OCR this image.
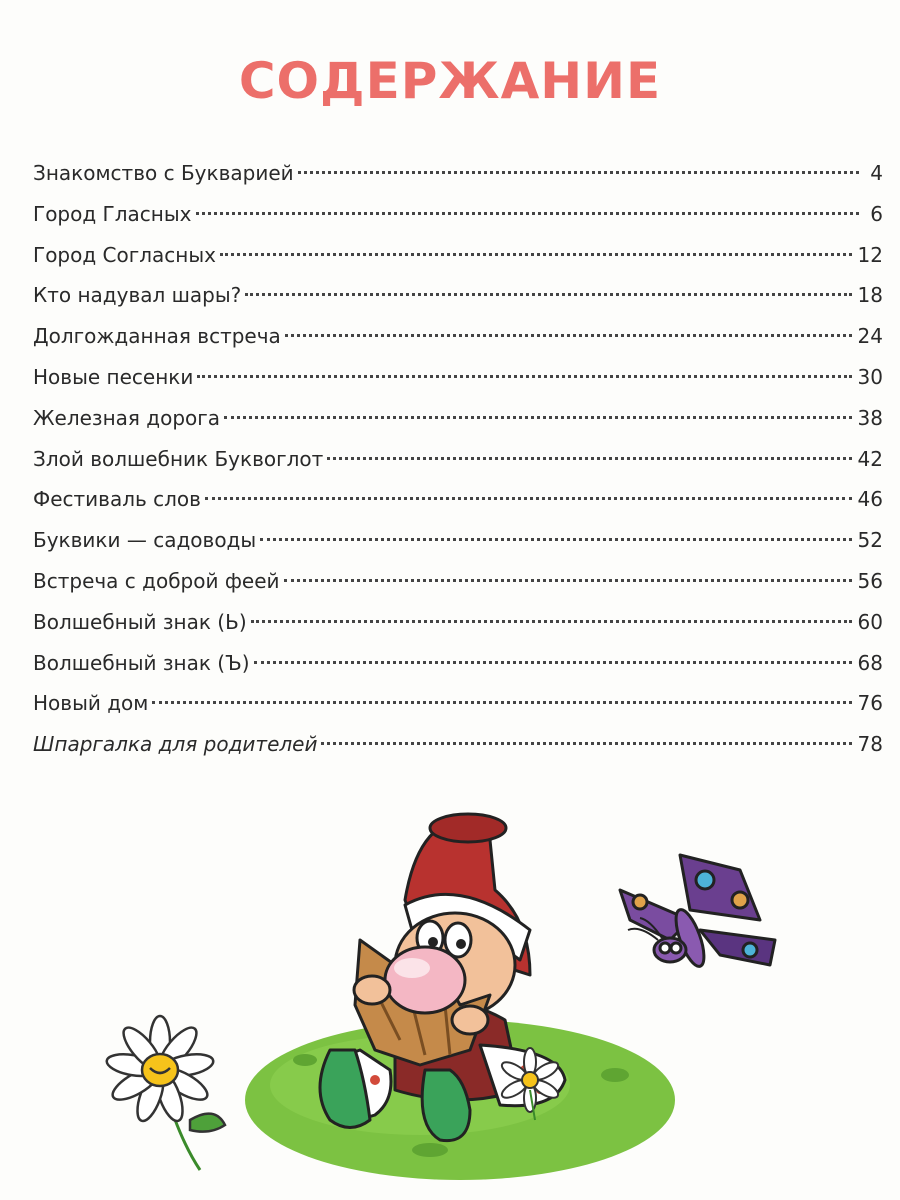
СОДЕРЖАНИЕ
Знакомство с Букварией	4
Город Гласных	6
Город Согласных	12
Кто надувал шары?	18
Долгожданная встреча	24
Новые песенки	30
Железная дорога	38
Злой волшебник Буквоглот	42
Фестиваль слов	46
Буквики — садоводы	52
Встреча с доброй феей	56
Волшебный знак (Ь)	60
Волшебный знак (Ъ)	68
Новый дом	76
Шпаргалка для родителей	78
